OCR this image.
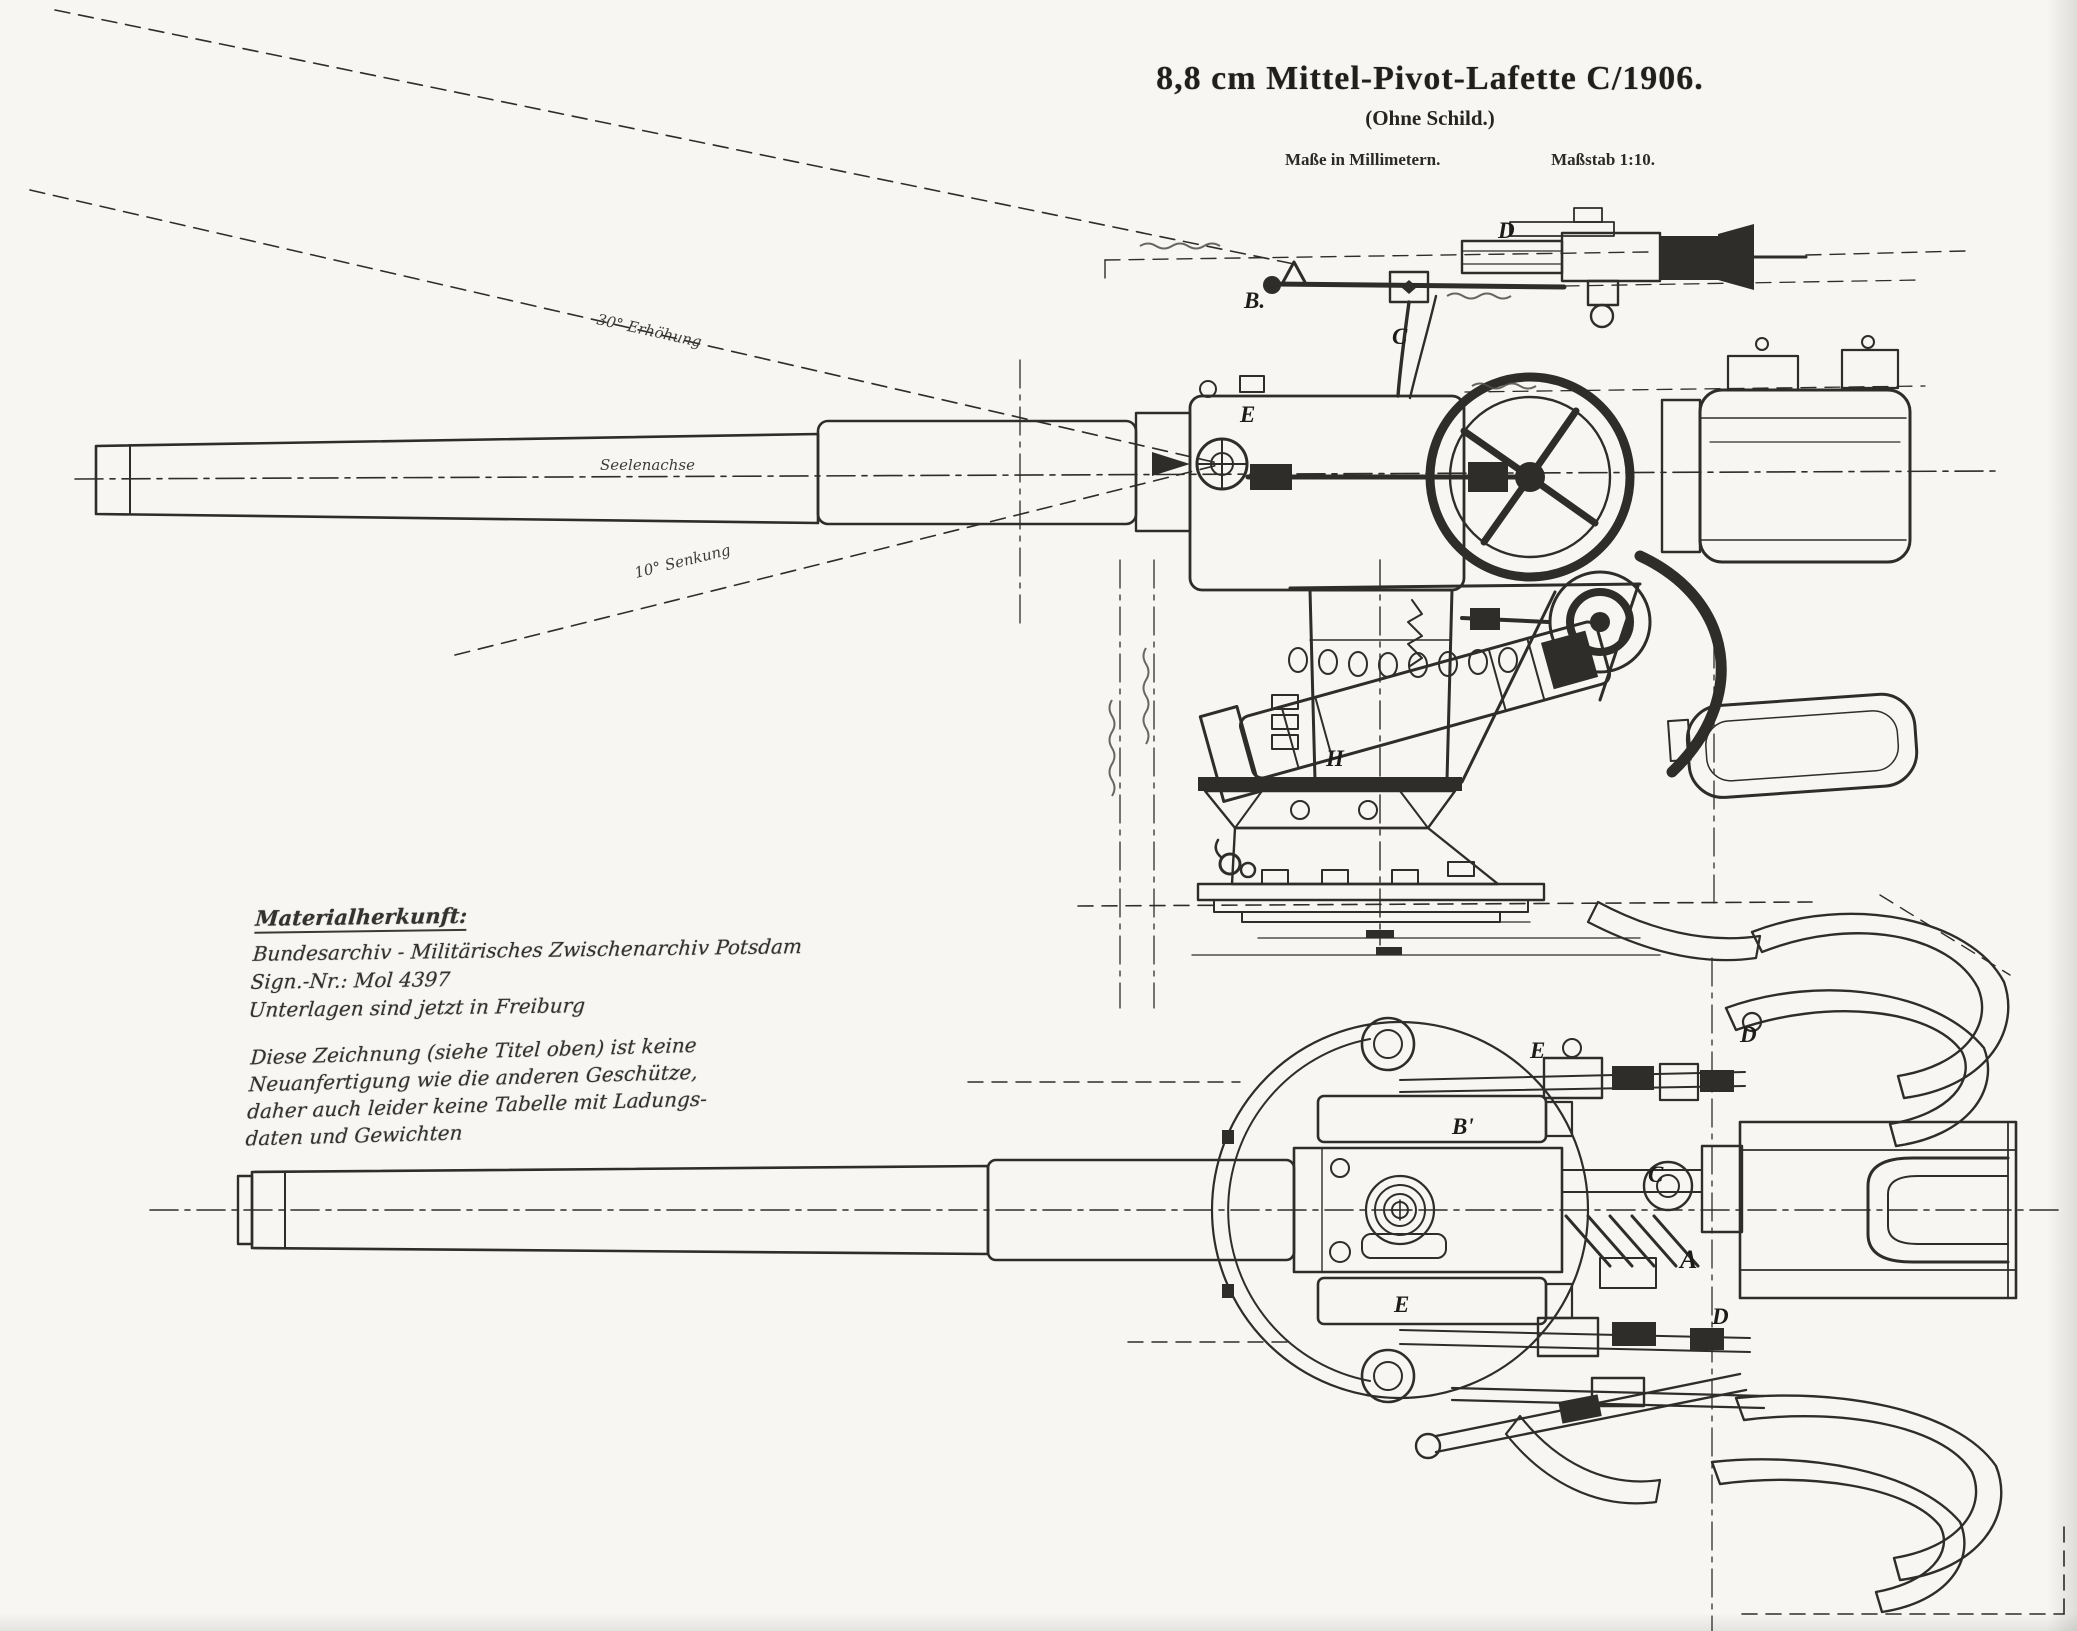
8,8 cm Mittel-Pivot-Lafette C/1906.
(Ohne Schild.)
Maße in Millimetern.	Maßstab 1:10.
Materialherkunft:
Bundesarchiv - Militärisches Zwischenarchiv Potsdam
Sign.-Nr.: Mol 4397
Unterlagen sind jetzt in Freiburg
Diese Zeichnung (siehe Titel oben) ist keine
Neuanfertigung wie die anderen Geschütze,
daher auch leider keine Tabelle mit Ladungs-
daten und Gewichten
Seelenachse
30° Erhöhung
10° Senkung
D
B.
C
E
H
D
E
B'
C
A
E	D
